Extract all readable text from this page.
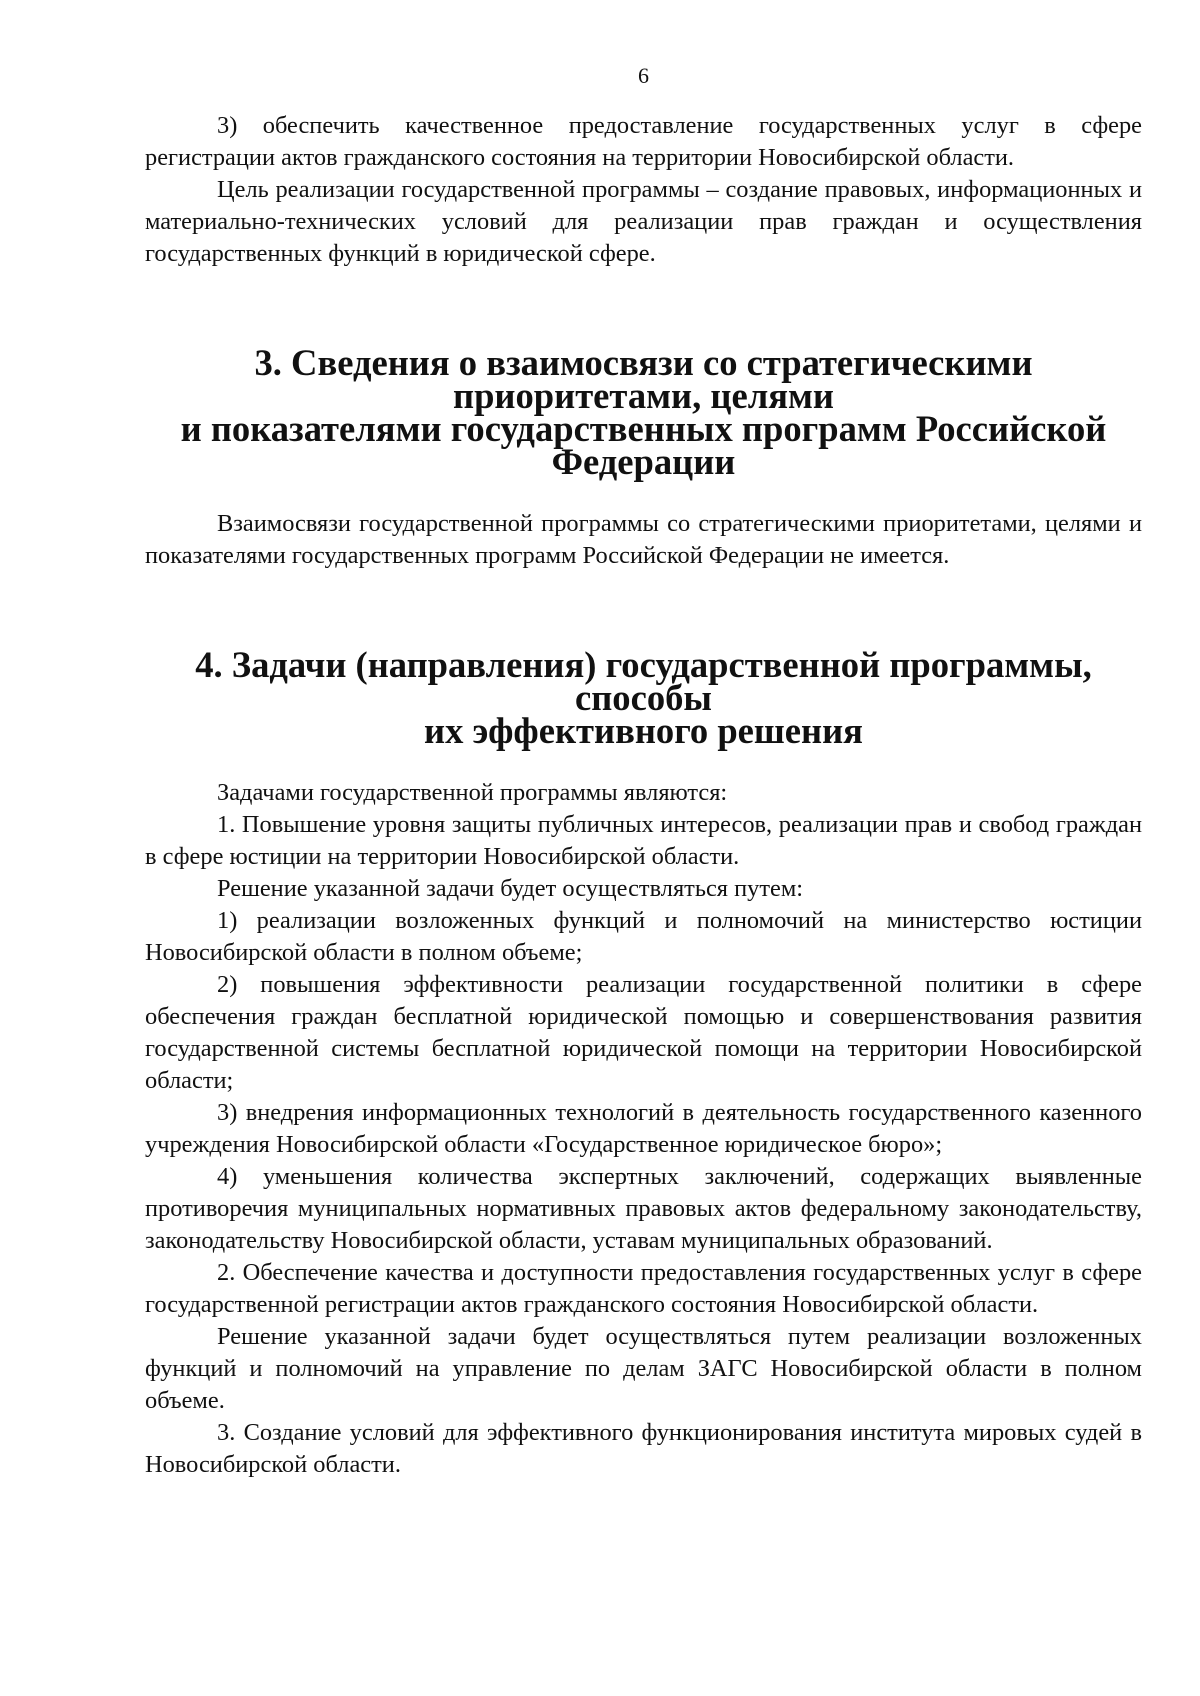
6

3) обеспечить качественное предоставление государственных услуг в сфере регистрации актов гражданского состояния на территории Новосибирской области.

Цель реализации государственной программы – создание правовых, информационных и материально-технических условий для реализации прав граждан и осуществления государственных функций в юридической сфере.

3. Сведения о взаимосвязи со стратегическими приоритетами, целями
и показателями государственных программ Российской Федерации

Взаимосвязи государственной программы со стратегическими приоритетами, целями и показателями государственных программ Российской Федерации не имеется.

4. Задачи (направления) государственной программы, способы
их эффективного решения

Задачами государственной программы являются:

1. Повышение уровня защиты публичных интересов, реализации прав и свобод граждан в сфере юстиции на территории Новосибирской области.

Решение указанной задачи будет осуществляться путем:

1) реализации возложенных функций и полномочий на министерство юстиции Новосибирской области в полном объеме;

2) повышения эффективности реализации государственной политики в сфере обеспечения граждан бесплатной юридической помощью и совершенствования развития государственной системы бесплатной юридической помощи на территории Новосибирской области;

3) внедрения информационных технологий в деятельность государственного казенного учреждения Новосибирской области «Государственное юридическое бюро»;

4) уменьшения количества экспертных заключений, содержащих выявленные противоречия муниципальных нормативных правовых актов федеральному законодательству, законодательству Новосибирской области, уставам муниципальных образований.

2. Обеспечение качества и доступности предоставления государственных услуг в сфере государственной регистрации актов гражданского состояния Новосибирской области.

Решение указанной задачи будет осуществляться путем реализации возложенных функций и полномочий на управление по делам ЗАГС Новосибирской области в полном объеме.

3. Создание условий для эффективного функционирования института мировых судей в Новосибирской области.
